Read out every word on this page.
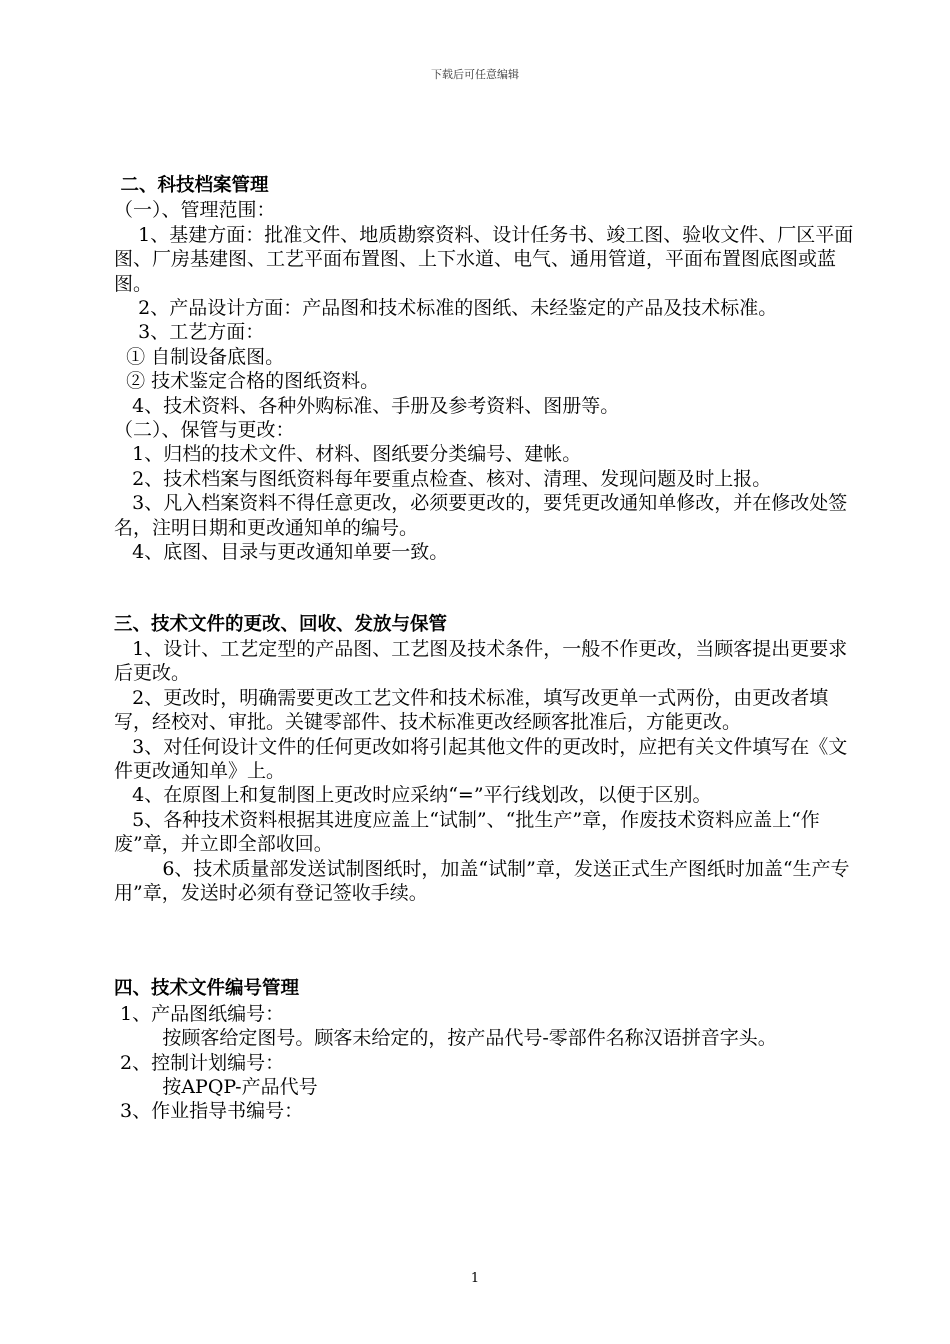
下载后可任意编辑

二、科技档案管理

（一）、管理范围：

1、基建方面：批准文件、地质勘察资料、设计任务书、竣工图、验收文件、厂区平面图、厂房基建图、工艺平面布置图、上下水道、电气、通用管道，平面布置图底图或蓝图。

2、产品设计方面：产品图和技术标准的图纸、未经鉴定的产品及技术标准。

3、工艺方面：

① 自制设备底图。

② 技术鉴定合格的图纸资料。

4、技术资料、各种外购标准、手册及参考资料、图册等。

（二）、保管与更改：

1、归档的技术文件、材料、图纸要分类编号、建帐。

2、技术档案与图纸资料每年要重点检查、核对、清理、发现问题及时上报。

3、凡入档案资料不得任意更改，必须要更改的，要凭更改通知单修改，并在修改处签名，注明日期和更改通知单的编号。

4、底图、目录与更改通知单要一致。

三、技术文件的更改、回收、发放与保管

1、设计、工艺定型的产品图、工艺图及技术条件，一般不作更改，当顾客提出更要求后更改。

2、更改时，明确需要更改工艺文件和技术标准，填写改更单一式两份，由更改者填写，经校对、审批。关键零部件、技术标准更改经顾客批准后，方能更改。

3、对任何设计文件的任何更改如将引起其他文件的更改时，应把有关文件填写在《文件更改通知单》上。

4、在原图上和复制图上更改时应采纳“=”平行线划改，以便于区别。

5、各种技术资料根据其进度应盖上“试制”、“批生产”章，作废技术资料应盖上“作废”章，并立即全部收回。

6、技术质量部发送试制图纸时，加盖“试制”章，发送正式生产图纸时加盖“生产专用”章，发送时必须有登记签收手续。

四、技术文件编号管理

1、产品图纸编号：

按顾客给定图号。顾客未给定的，按产品代号-零部件名称汉语拼音字头。

2、控制计划编号：

按APQP-产品代号

3、作业指导书编号：

1
